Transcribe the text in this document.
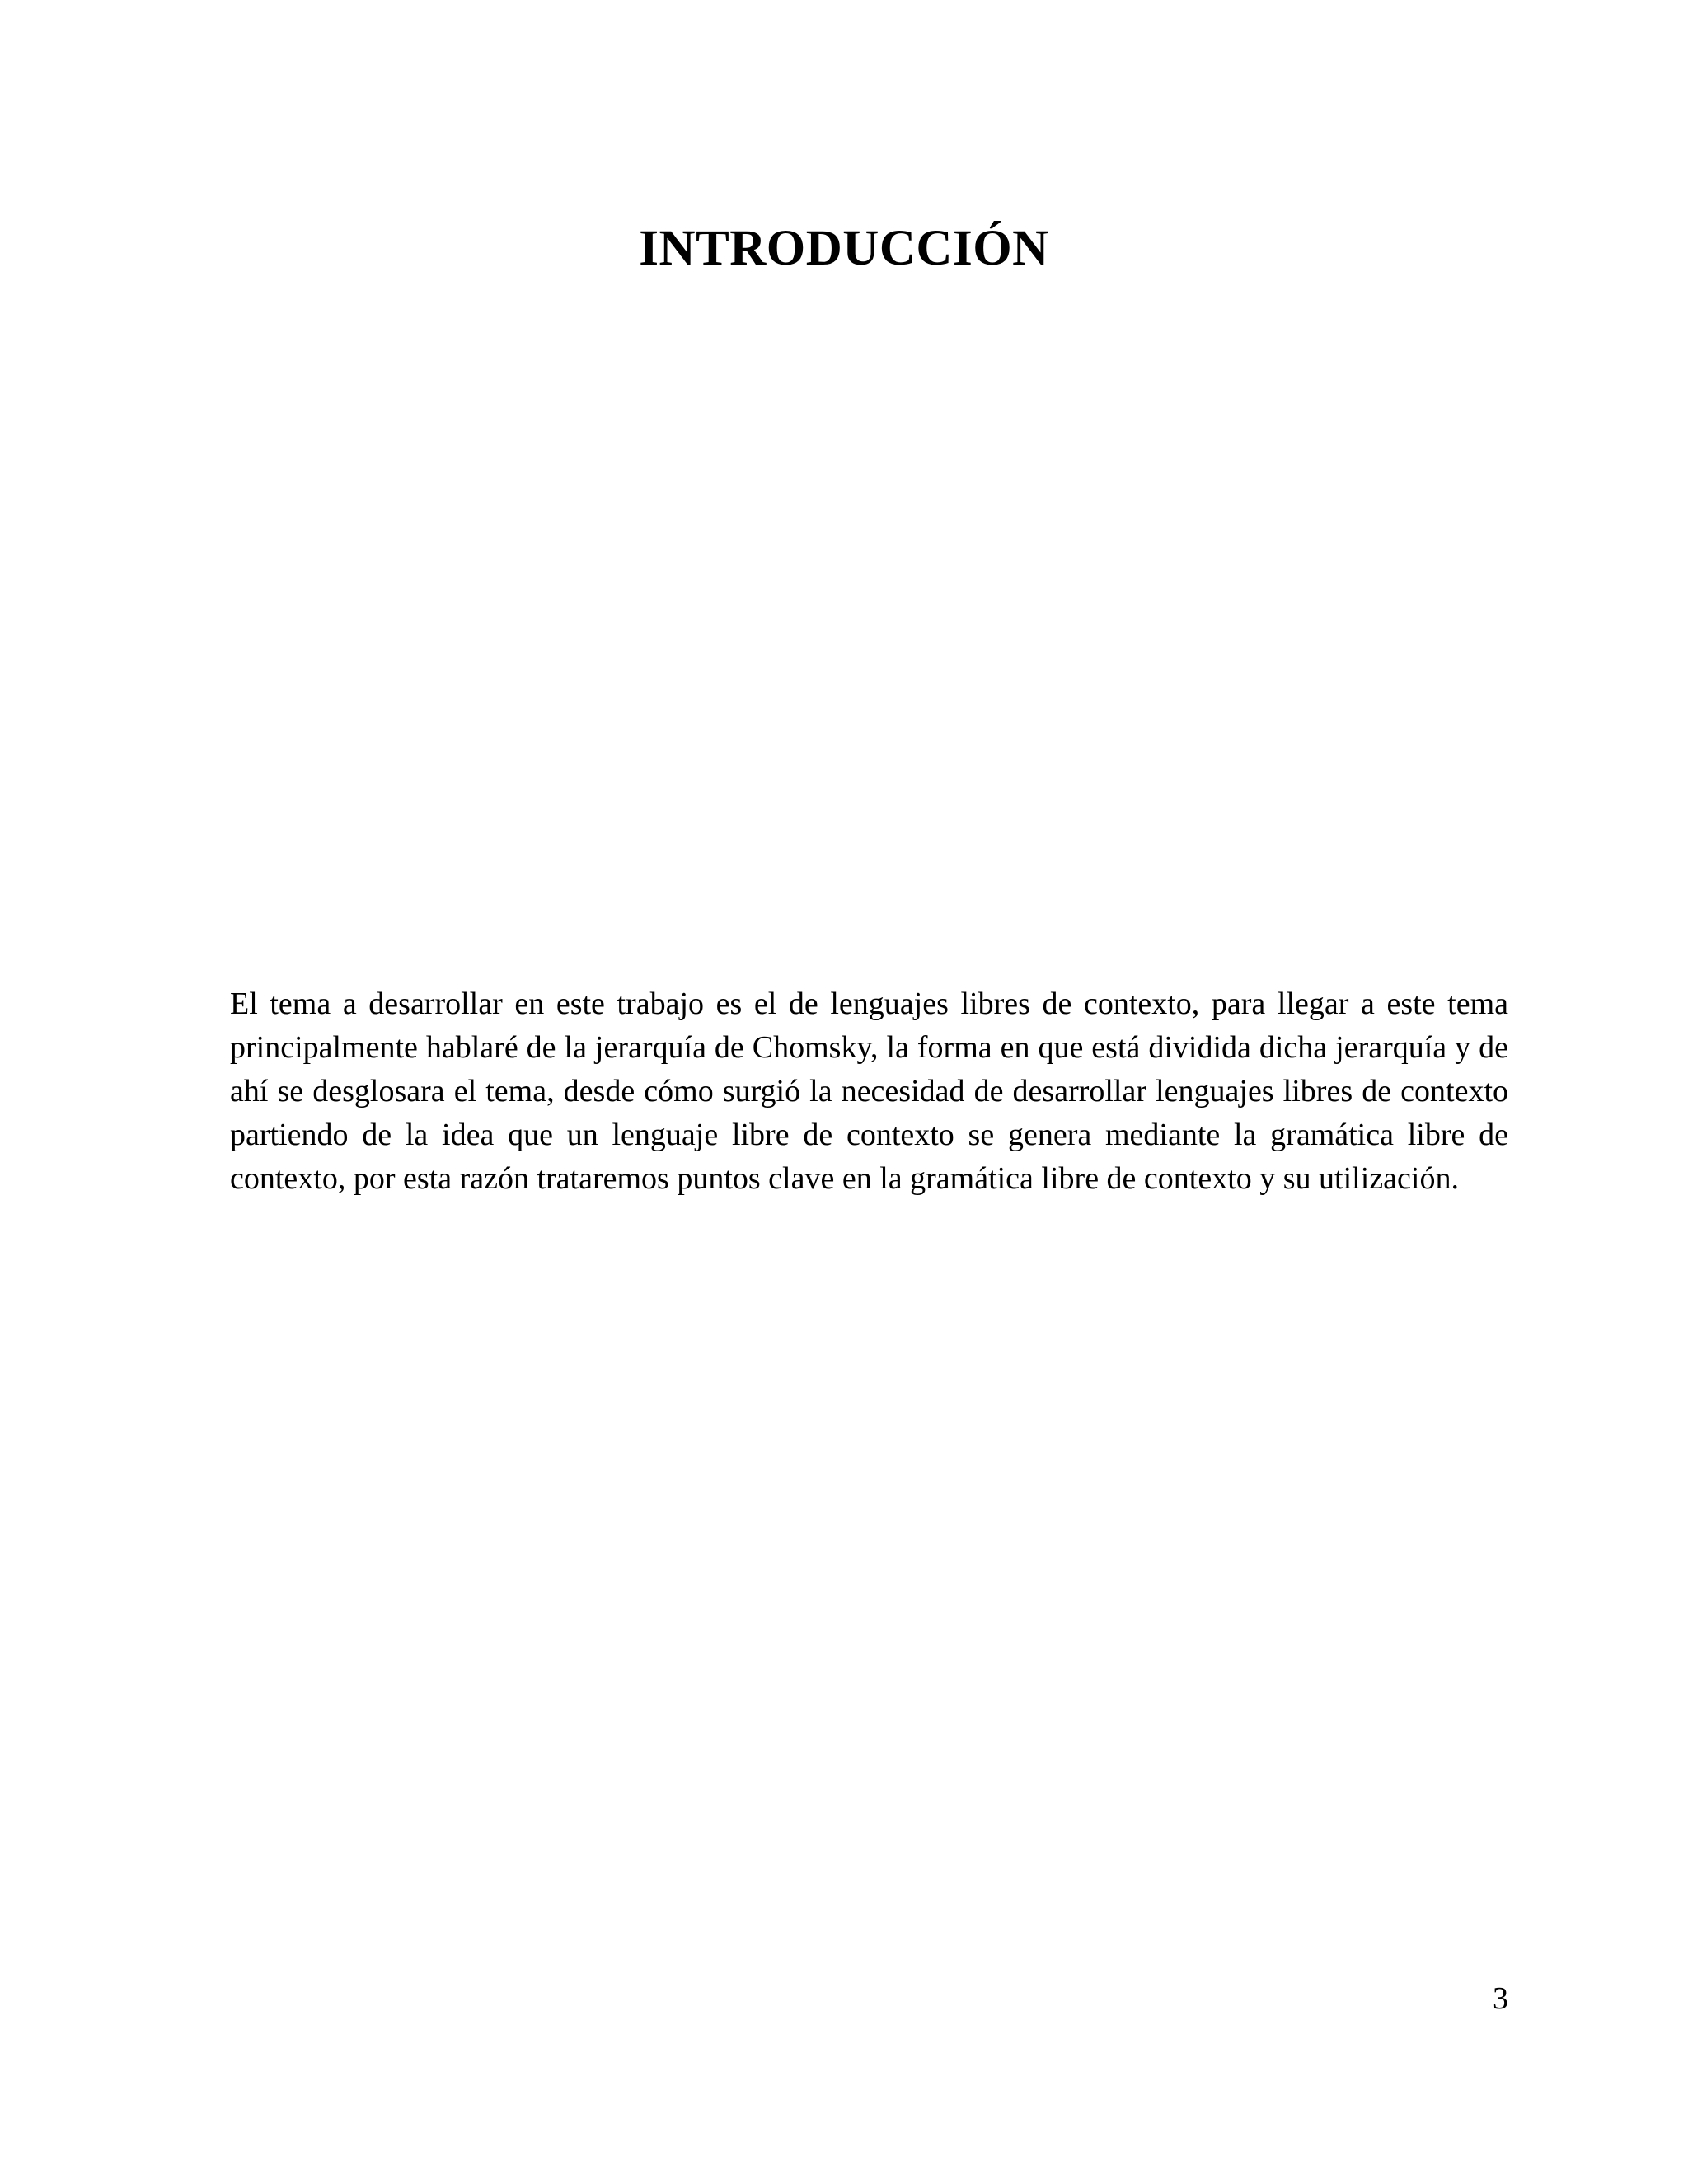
INTRODUCCIÓN

El tema a desarrollar en este trabajo es el de lenguajes libres de contexto, para llegar a este tema principalmente hablaré de la jerarquía de Chomsky, la forma en que está dividida dicha jerarquía y de ahí se desglosara el tema, desde cómo surgió la necesidad de desarrollar lenguajes libres de contexto partiendo de la idea que un lenguaje libre de contexto se genera mediante la gramática libre de contexto, por esta razón trataremos puntos clave en la gramática libre de contexto y su utilización.

3
